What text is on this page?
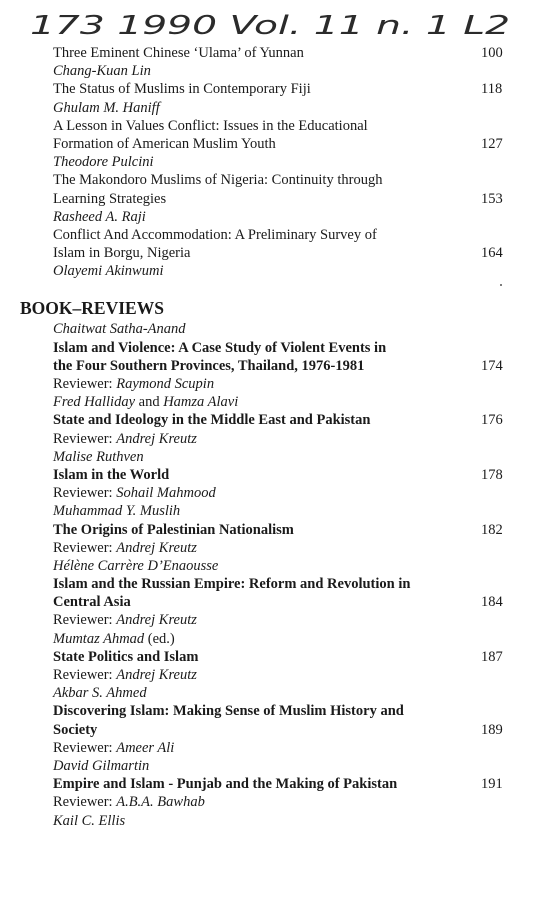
173 1990 Vol. 11 n. 1 L2
Three Eminent Chinese ‘Ulama’ of Yunnan	100
Chang-Kuan Lin
The Status of Muslims in Contemporary Fiji	118
Ghulam M. Haniff
A Lesson in Values Conflict: Issues in the Educational
Formation of American Muslim Youth	127
Theodore Pulcini
The Makondoro Muslims of Nigeria: Continuity through
Learning Strategies	153
Rasheed A. Raji
Conflict And Accommodation: A Preliminary Survey of
Islam in Borgu, Nigeria	164
Olayemi Akinwumi
BOOK–REVIEWS
Chaitwat Satha-Anand
Islam and Violence: A Case Study of Violent Events in
the Four Southern Provinces, Thailand, 1976-1981	174
Reviewer: Raymond Scupin
Fred Halliday and Hamza Alavi
State and Ideology in the Middle East and Pakistan	176
Reviewer: Andrej Kreutz
Malise Ruthven
Islam in the World	178
Reviewer: Sohail Mahmood
Muhammad Y. Muslih
The Origins of Palestinian Nationalism	182
Reviewer: Andrej Kreutz
Hélène Carrère D’Enaousse
Islam and the Russian Empire: Reform and Revolution in
Central Asia	184
Reviewer: Andrej Kreutz
Mumtaz Ahmad (ed.)
State Politics and Islam	187
Reviewer: Andrej Kreutz
Akbar S. Ahmed
Discovering Islam: Making Sense of Muslim History and
Society	189
Reviewer: Ameer Ali
David Gilmartin
Empire and Islam - Punjab and the Making of Pakistan	191
Reviewer: A.B.A. Bawhab
Kail C. Ellis
